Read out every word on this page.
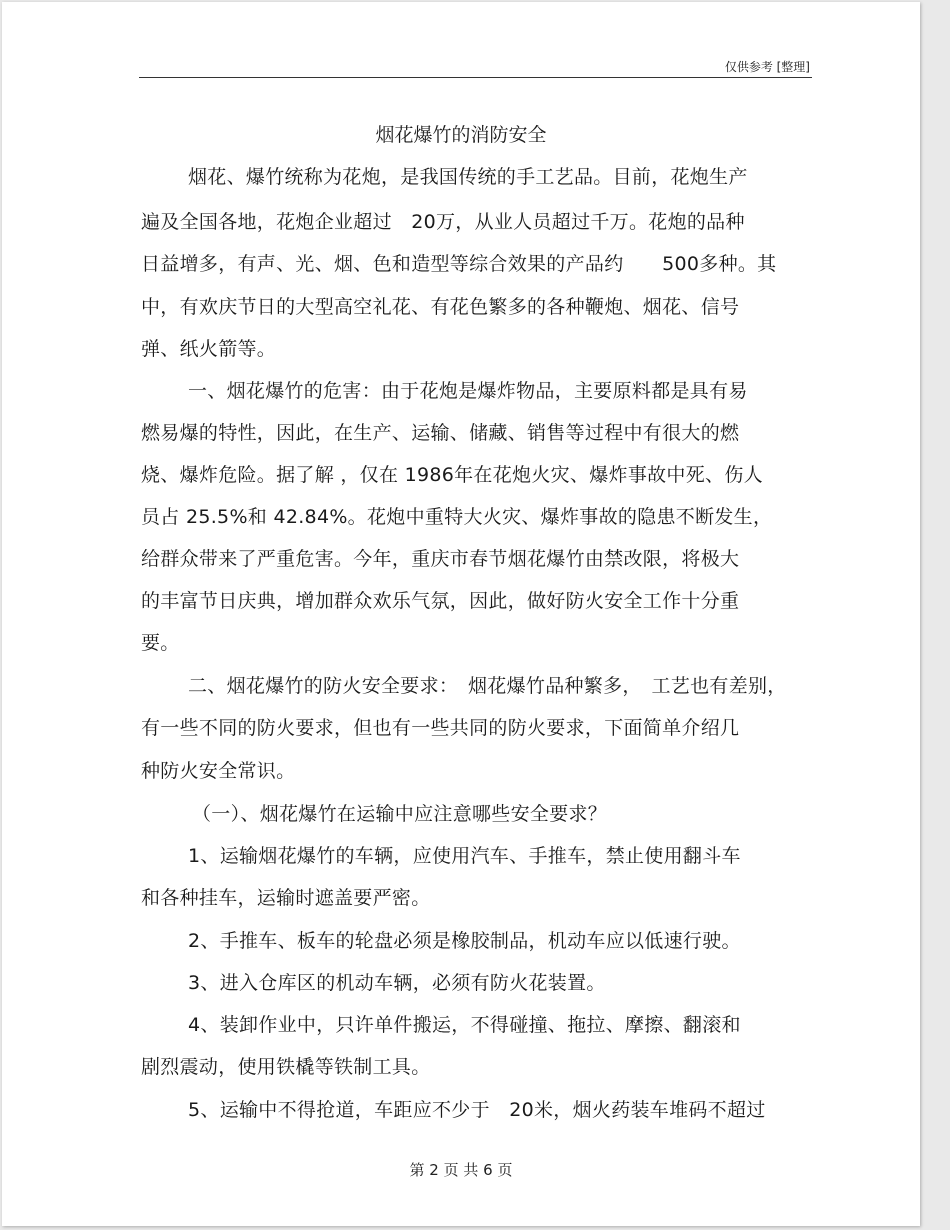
仅供参考 [整理]
烟花爆竹的消防安全
烟花、爆竹统称为花炮，是我国传统的手工艺品。目前，花炮生产
遍及全国各地，花炮企业超过　20万，从业人员超过千万。花炮的品种
日益增多，有声、光、烟、色和造型等综合效果的产品约　　500多种。其
中，有欢庆节日的大型高空礼花、有花色繁多的各种鞭炮、烟花、信号
弹、纸火箭等。
一、烟花爆竹的危害：由于花炮是爆炸物品，主要原料都是具有易
燃易爆的特性，因此，在生产、运输、储藏、销售等过程中有很大的燃
烧、爆炸危险。据了解 ，仅在 1986年在花炮火灾、爆炸事故中死、伤人
员占 25.5%和 42.84%。花炮中重特大火灾、爆炸事故的隐患不断发生，
给群众带来了严重危害。今年，重庆市春节烟花爆竹由禁改限，将极大
的丰富节日庆典，增加群众欢乐气氛，因此，做好防火安全工作十分重
要。
二、烟花爆竹的防火安全要求：　烟花爆竹品种繁多，　工艺也有差别，
有一些不同的防火要求，但也有一些共同的防火要求，下面简单介绍几
种防火安全常识。
（一）、烟花爆竹在运输中应注意哪些安全要求？
1、运输烟花爆竹的车辆，应使用汽车、手推车，禁止使用翻斗车
和各种挂车，运输时遮盖要严密。
2、手推车、板车的轮盘必须是橡胶制品，机动车应以低速行驶。
3、进入仓库区的机动车辆，必须有防火花装置。
4、装卸作业中，只许单件搬运，不得碰撞、拖拉、摩擦、翻滚和
剧烈震动，使用铁橇等铁制工具。
5、运输中不得抢道，车距应不少于　20米，烟火药装车堆码不超过
第 2 页 共 6 页
